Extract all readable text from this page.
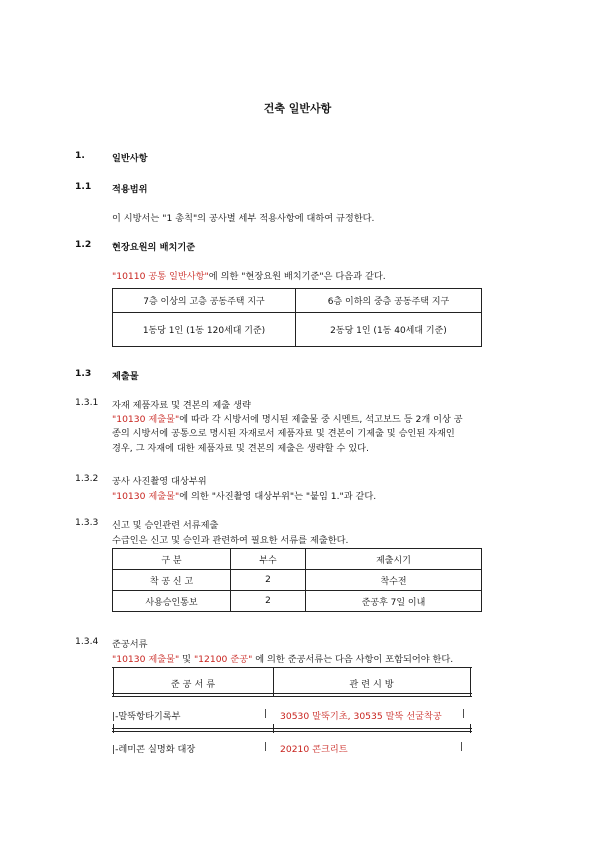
건축 일반사항
1.	일반사항
1.1 적용범위
이 시방서는 "1 총칙"의 공사별 세부 적용사항에 대하여 규정한다.
1.2 현장요원의 배치기준
"10110 공통 일반사항"에 의한 "현장요원 배치기준"은 다음과 같다.
7층 이상의 고층 공동주택 지구	6층 이하의 중층 공동주택 지구
1동당 1인 (1동 120세대 기준)	2동당 1인 (1동 40세대 기준)
1.3 제출물
1.3.1 자재 제품자료 및 견본의 제출 생략
"10130 제출물"에 따라 각 시방서에 명시된 제출물 중 시멘트, 석고보드 등 2개 이상 공
종의 시방서에 공통으로 명시된 자재로서 제품자료 및 견본이 기제출 및 승인된 자재인
경우, 그 자재에 대한 제품자료 및 견본의 제출은 생략할 수 있다.
1.3.2 공사 사진촬영 대상부위
"10130 제출물"에 의한 "사진촬영 대상부위"는 "붙임 1."과 같다.
1.3.3 신고 및 승인관련 서류제출
수급인은 신고 및 승인과 관련하여 필요한 서류를 제출한다.
구 분	부수	제출시기
착 공 신 고	2	착수전
사용승인통보	2	준공후 7일 이내
1.3.4 준공서류
"10130 제출물" 및 "12100 준공" 에 의한 준공서류는 다음 사항이 포함되어야 한다.
준 공 서 류	관 련 시 방
|-말뚝항타기록부	| 30530 말뚝기초, 30535 말뚝 선굴착공 |
|-레미콘 실명화 대장	| 20210 콘크리트	|
